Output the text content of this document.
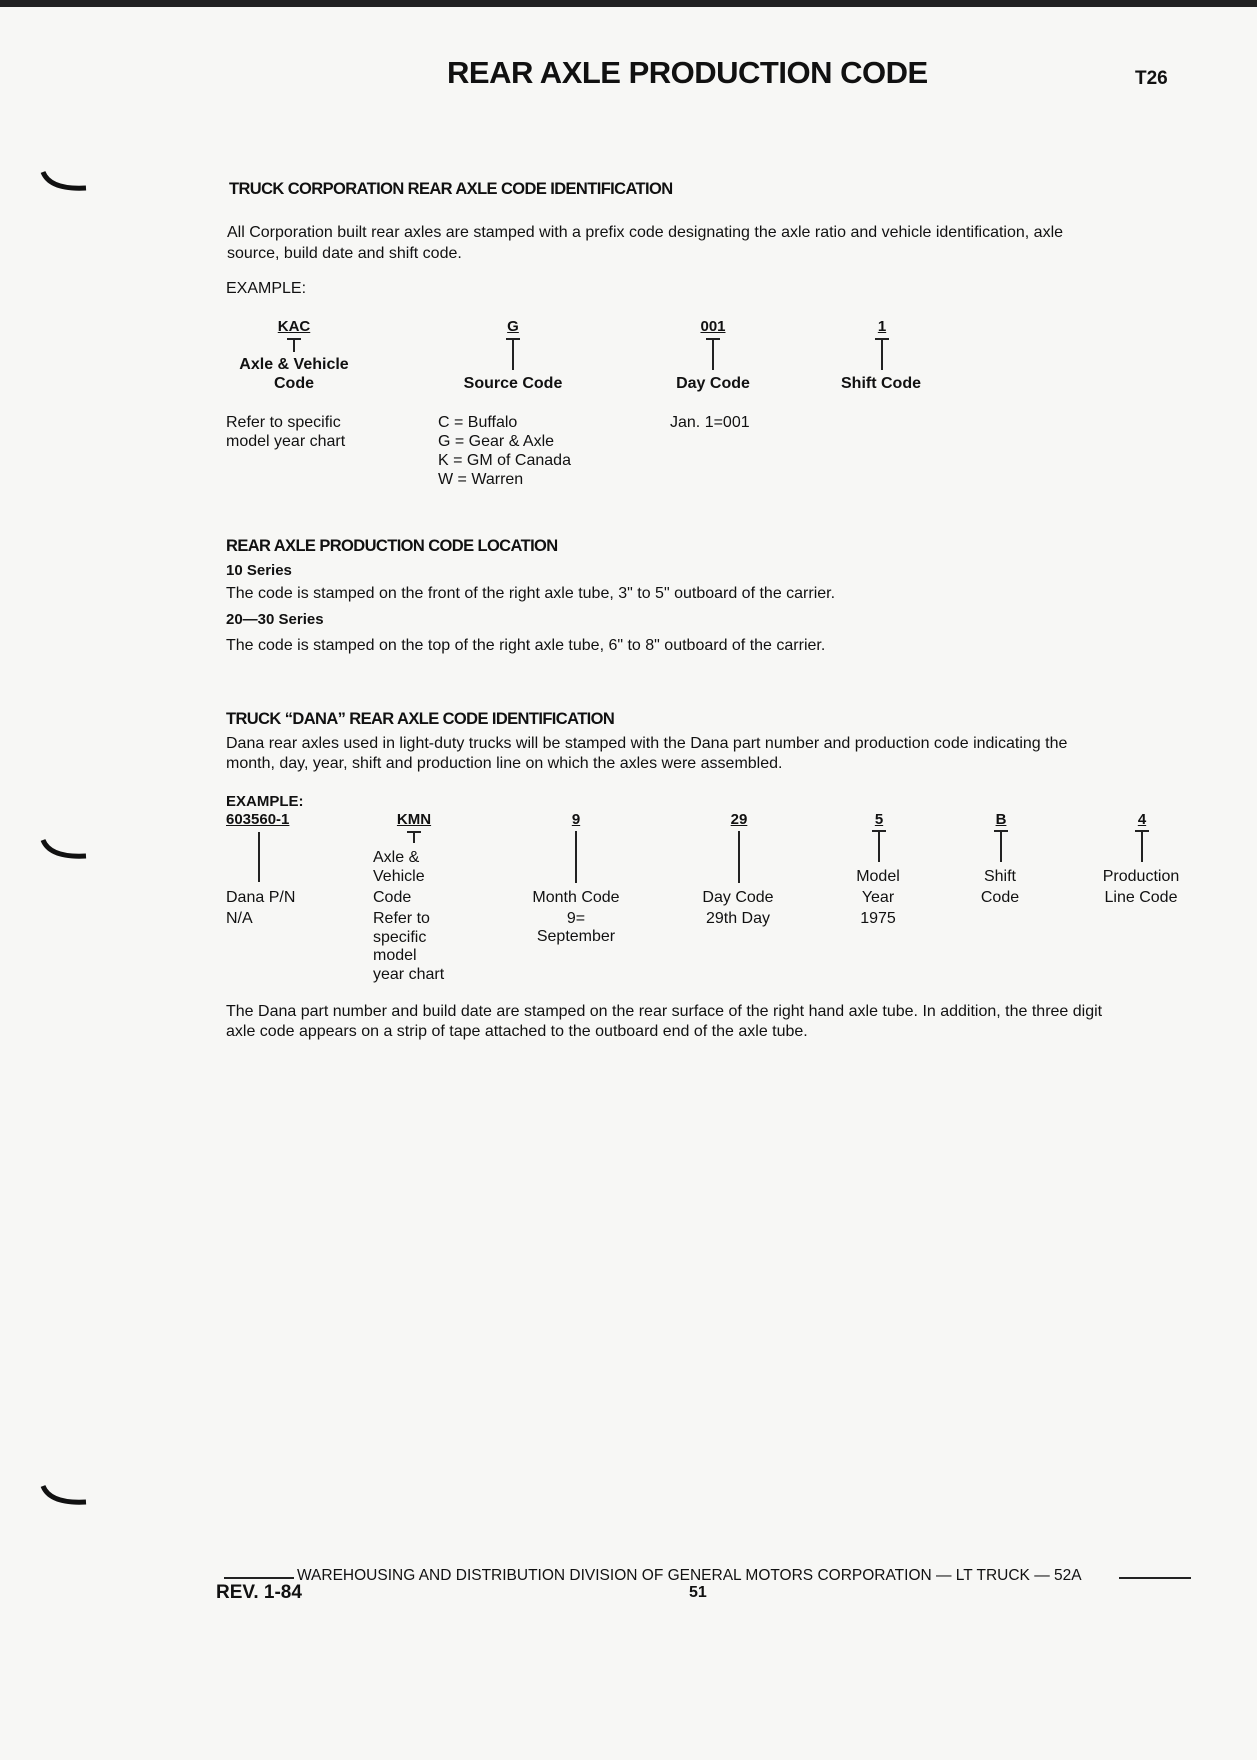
REAR AXLE PRODUCTION CODE	T26
TRUCK CORPORATION REAR AXLE CODE IDENTIFICATION
All Corporation built rear axles are stamped with a prefix code designating the axle ratio and vehicle identification, axle
source, build date and shift code.
EXAMPLE:
KAC
Axle & Vehicle
Code
G
Source Code
001
Day Code
1
Shift Code
Refer to specific
model year chart
C = Buffalo
G = Gear & Axle
K = GM of Canada
W = Warren
Jan. 1=001
REAR AXLE PRODUCTION CODE LOCATION
10 Series
The code is stamped on the front of the right axle tube, 3" to 5" outboard of the carrier.
20—30 Series
The code is stamped on the top of the right axle tube, 6" to 8" outboard of the carrier.
TRUCK “DANA” REAR AXLE CODE IDENTIFICATION
Dana rear axles used in light-duty trucks will be stamped with the Dana part number and production code indicating the
month, day, year, shift and production line on which the axles were assembled.
EXAMPLE:
603560-1
Dana P/N
N/A
KMN
Axle &
Vehicle
Code
Refer to
specific
model
year chart
9
Month Code
9=
September
29
Day Code
29th Day
5
Model
Year
1975
B
Shift
Code
4
Production
Line Code
The Dana part number and build date are stamped on the rear surface of the right hand axle tube. In addition, the three digit
axle code appears on a strip of tape attached to the outboard end of the axle tube.
WAREHOUSING AND DISTRIBUTION DIVISION OF GENERAL MOTORS CORPORATION — LT TRUCK — 52A
REV. 1-84	51
